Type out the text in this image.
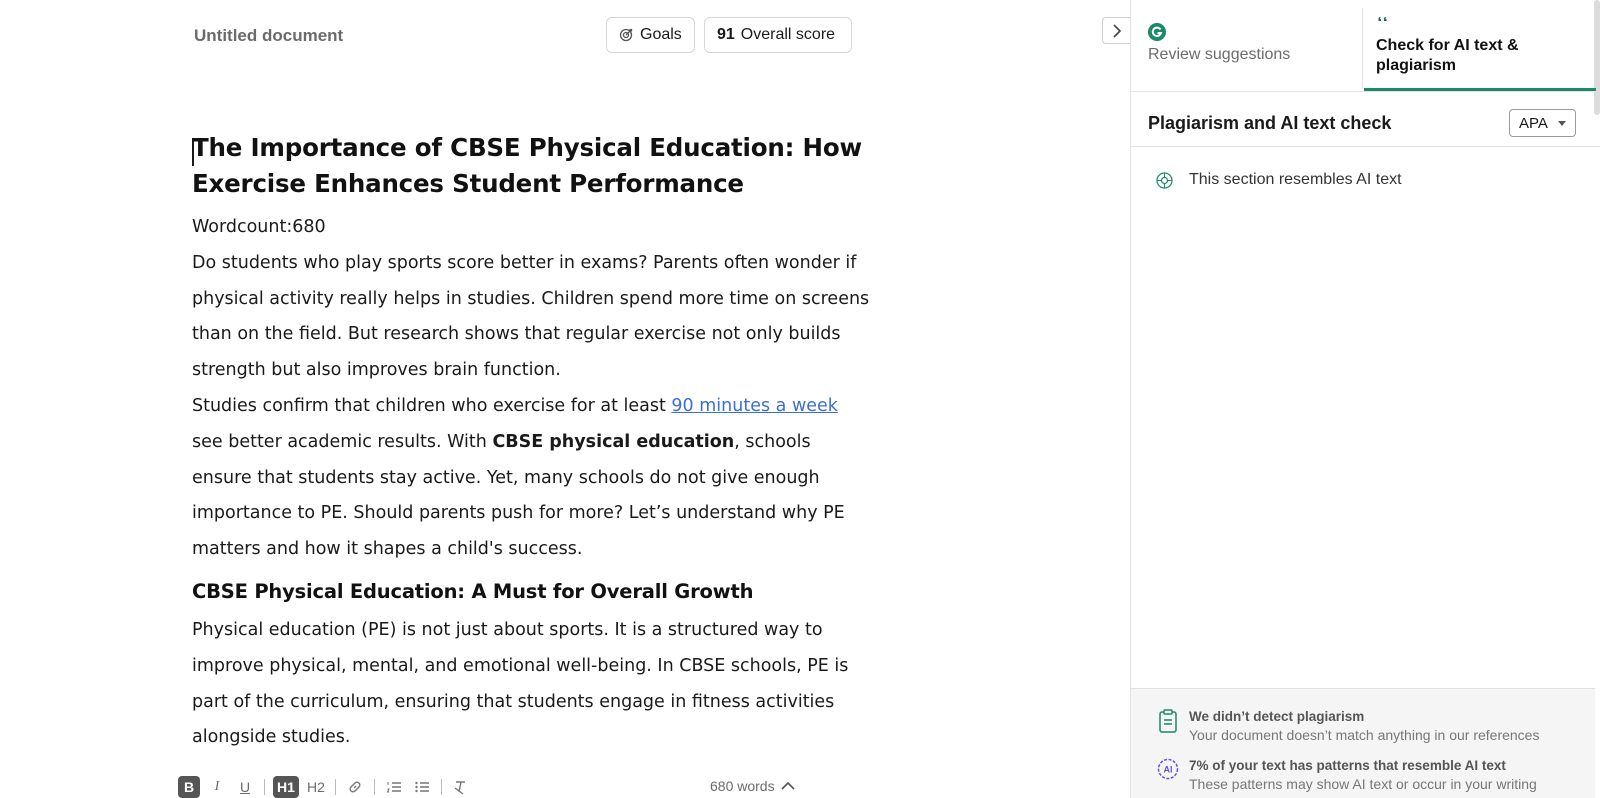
Untitled document	Goals 91 Overall score
The Importance of CBSE Physical Education: How Exercise Enhances Student Performance

Wordcount:680

Do students who play sports score better in exams? Parents often wonder if physical activity really helps in studies. Children spend more time on screens than on the field. But research shows that regular exercise not only builds strength but also improves brain function.

Studies confirm that children who exercise for at least 90 minutes a week see better academic results. With CBSE physical education, schools ensure that students stay active. Yet, many schools do not give enough importance to PE. Should parents push for more? Let’s understand why PE matters and how it shapes a child's success.

CBSE Physical Education: A Must for Overall Growth

Physical education (PE) is not just about sports. It is a structured way to improve physical, mental, and emotional well-being. In CBSE schools, PE is part of the curriculum, ensuring that students engage in fitness activities alongside studies.

B	I	U	H1 H2	680 words
Review suggestions
Check for AI text & plagiarism
Plagiarism and AI text check	APA
This section resembles AI text
We didn’t detect plagiarism
Your document doesn’t match anything in our references
AI 7% of your text has patterns that resemble AI text
These patterns may show AI text or occur in your writing
